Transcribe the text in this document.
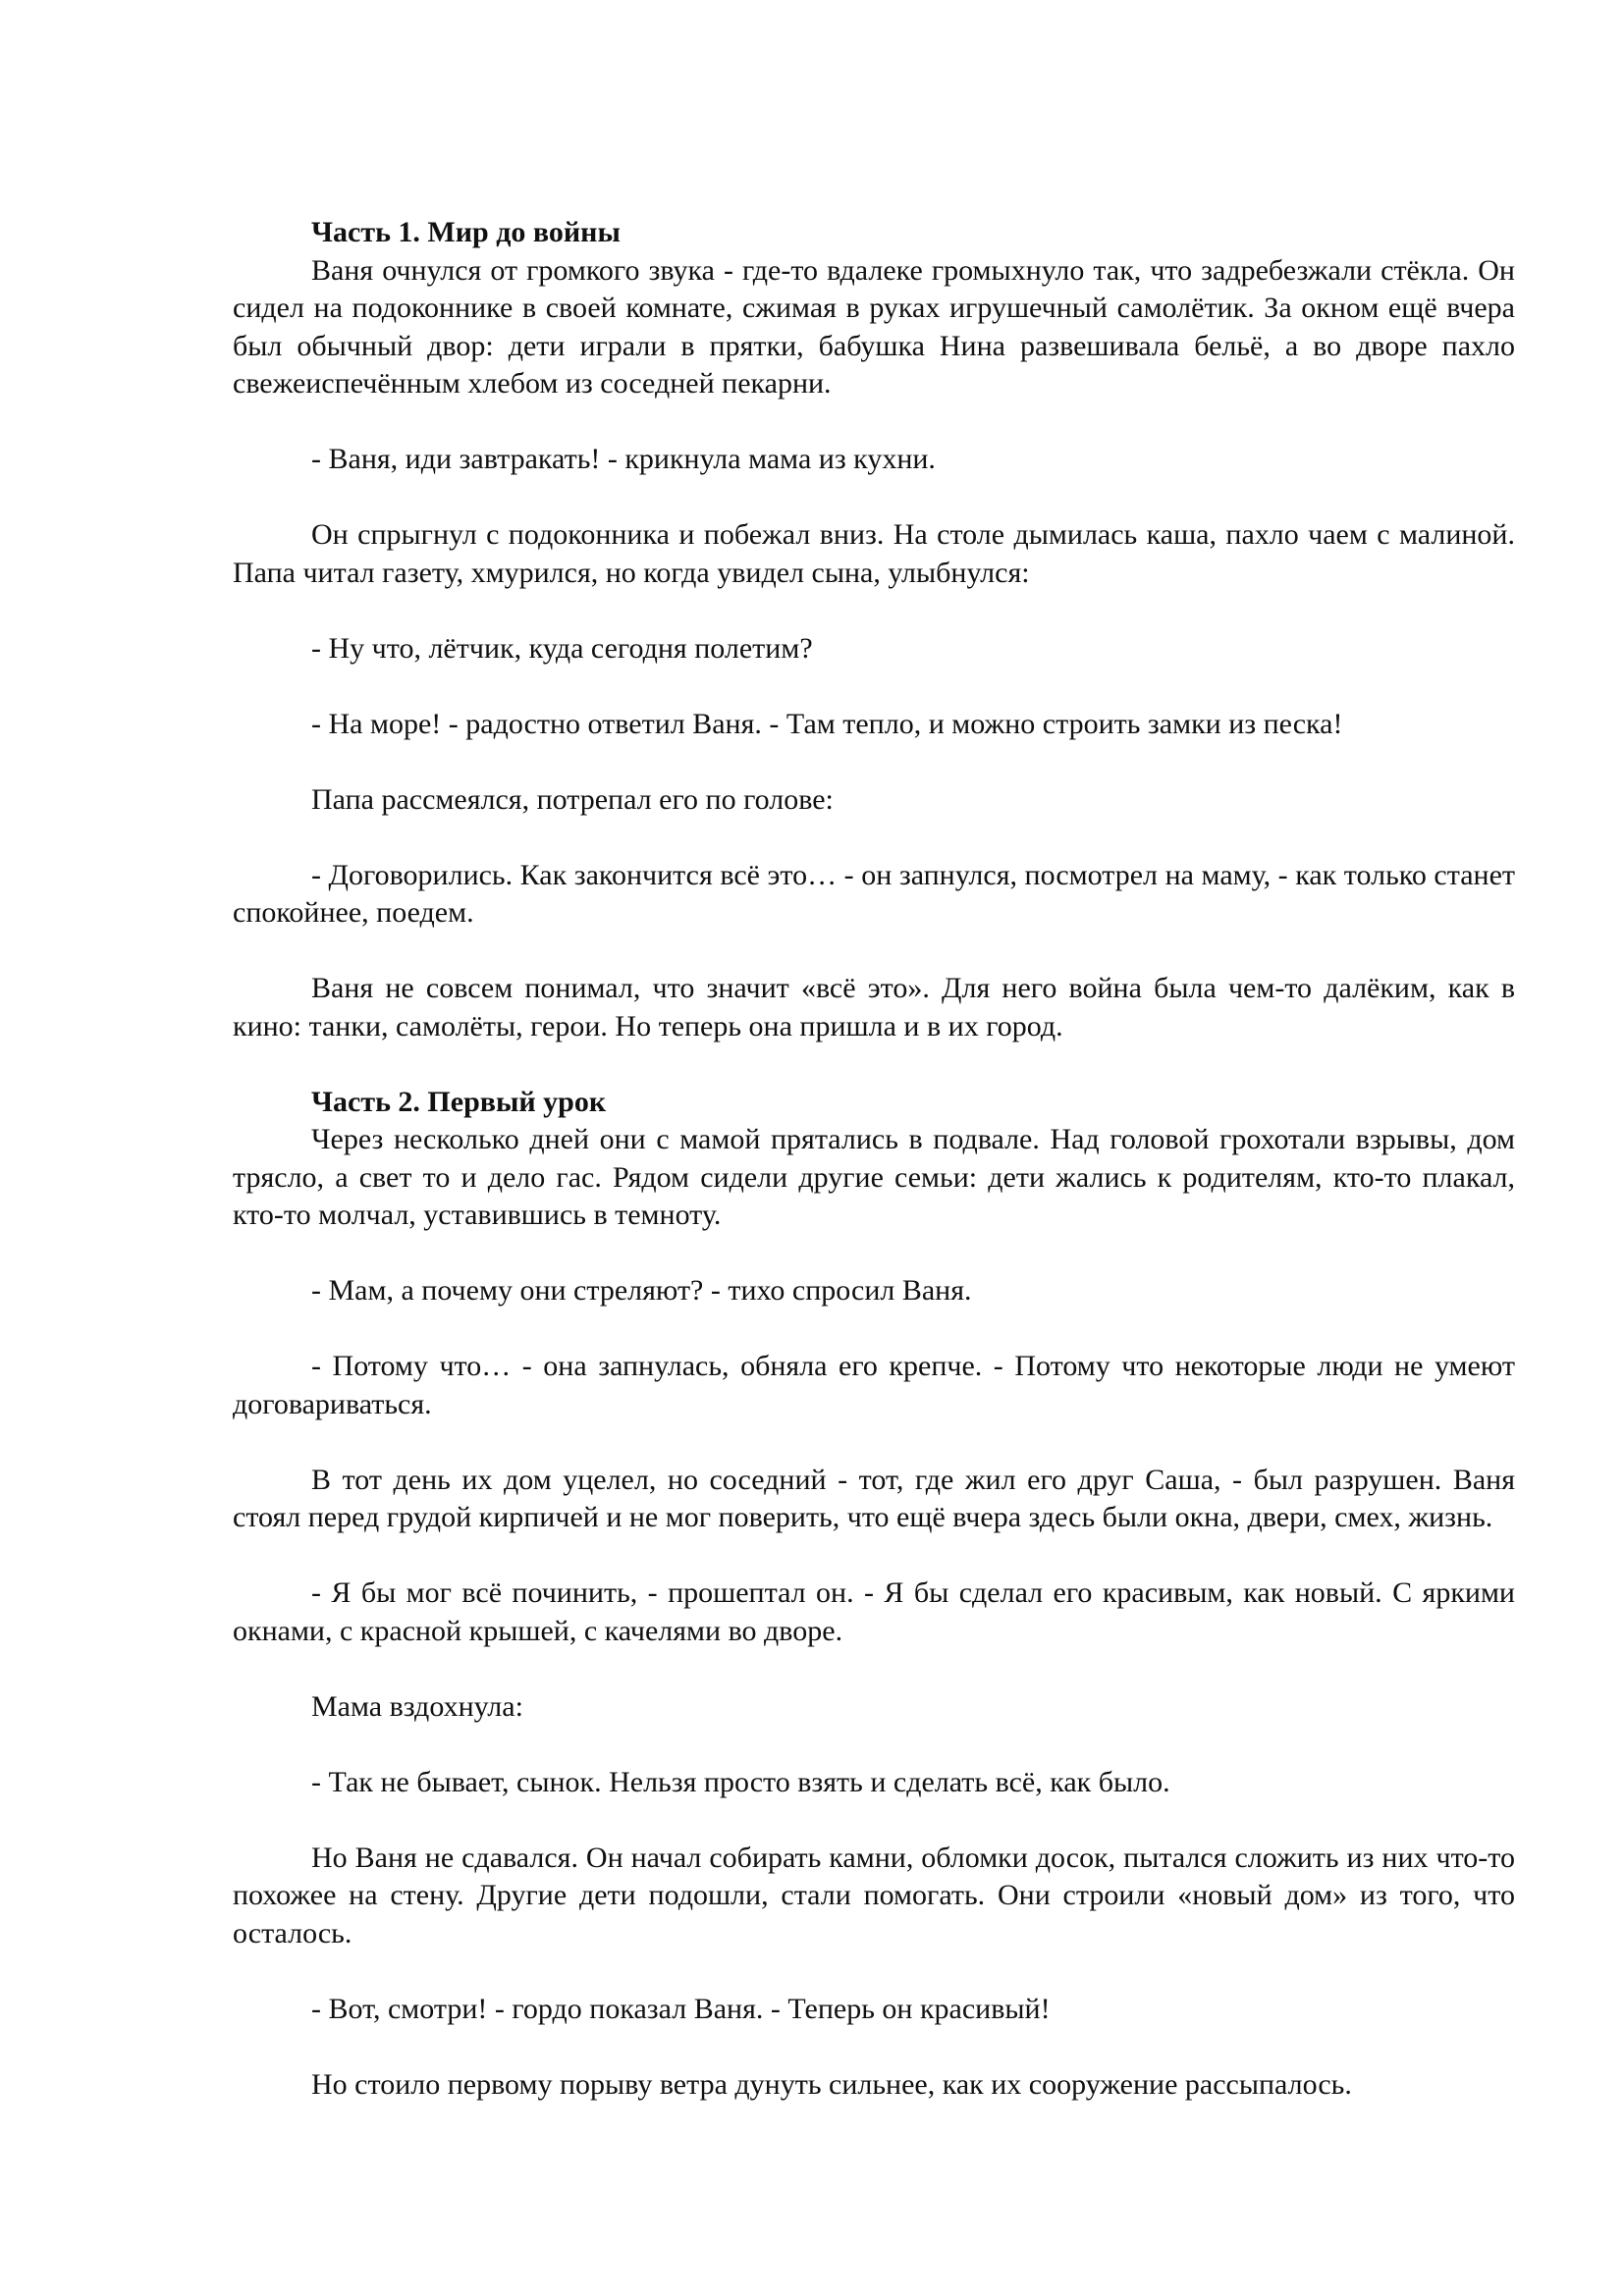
Часть 1. Мир до войны

Ваня очнулся от громкого звука - где-то вдалеке громыхнуло так, что задребезжали стёкла. Он сидел на подоконнике в своей комнате, сжимая в руках игрушечный самолётик. За окном ещё вчера был обычный двор: дети играли в прятки, бабушка Нина развешивала бельё, а во дворе пахло свежеиспечённым хлебом из соседней пекарни.

- Ваня, иди завтракать! - крикнула мама из кухни.

Он спрыгнул с подоконника и побежал вниз. На столе дымилась каша, пахло чаем с малиной. Папа читал газету, хмурился, но когда увидел сына, улыбнулся:

- Ну что, лётчик, куда сегодня полетим?

- На море! - радостно ответил Ваня. - Там тепло, и можно строить замки из песка!

Папа рассмеялся, потрепал его по голове:

- Договорились. Как закончится всё это… - он запнулся, посмотрел на маму, - как только станет спокойнее, поедем.

Ваня не совсем понимал, что значит «всё это». Для него война была чем-то далёким, как в кино: танки, самолёты, герои. Но теперь она пришла и в их город.

Часть 2. Первый урок

Через несколько дней они с мамой прятались в подвале. Над головой грохотали взрывы, дом трясло, а свет то и дело гас. Рядом сидели другие семьи: дети жались к родителям, кто-то плакал, кто-то молчал, уставившись в темноту.

- Мам, а почему они стреляют? - тихо спросил Ваня.

- Потому что… - она запнулась, обняла его крепче. - Потому что некоторые люди не умеют договариваться.

В тот день их дом уцелел, но соседний - тот, где жил его друг Саша, - был разрушен. Ваня стоял перед грудой кирпичей и не мог поверить, что ещё вчера здесь были окна, двери, смех, жизнь.

- Я бы мог всё починить, - прошептал он. - Я бы сделал его красивым, как новый. С яркими окнами, с красной крышей, с качелями во дворе.

Мама вздохнула:

- Так не бывает, сынок. Нельзя просто взять и сделать всё, как было.

Но Ваня не сдавался. Он начал собирать камни, обломки досок, пытался сложить из них что-то похожее на стену. Другие дети подошли, стали помогать. Они строили «новый дом» из того, что осталось.

- Вот, смотри! - гордо показал Ваня. - Теперь он красивый!

Но стоило первому порыву ветра дунуть сильнее, как их сооружение рассыпалось.
